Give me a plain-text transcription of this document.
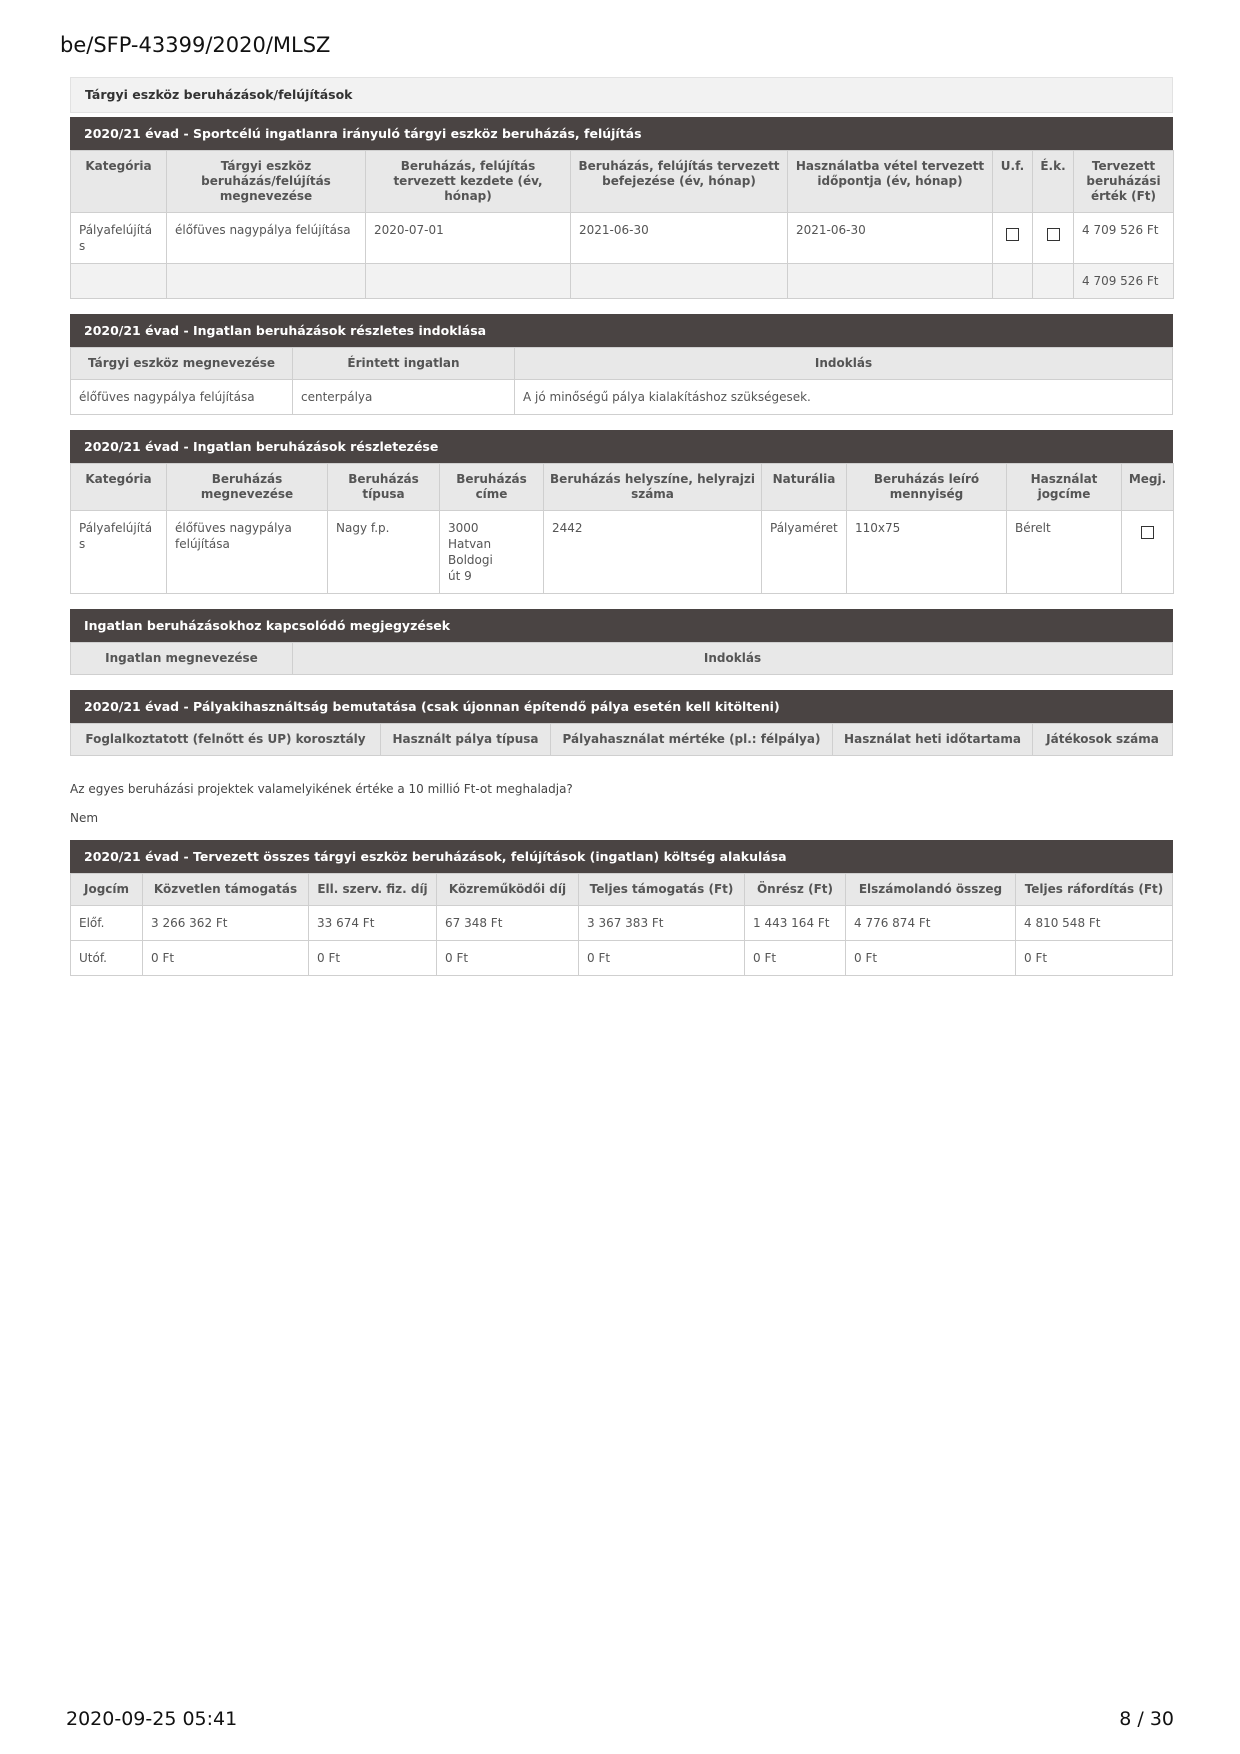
be/SFP-43399/2020/MLSZ
Tárgyi eszköz beruházások/felújítások
2020/21 évad - Sportcélú ingatlanra irányuló tárgyi eszköz beruházás, felújítás
Kategória	Tárgyi eszköz beruházás/felújítás megnevezése	Beruházás, felújítás tervezett kezdete (év, hónap)	Beruházás, felújítás tervezett befejezése (év, hónap)	Használatba vétel tervezett időpontja (év, hónap)	U.f.	É.k.	Tervezett beruházási érték (Ft)
Pályafelújítás	élőfüves nagypálya felújítása	2020-07-01	2021-06-30	2021-06-30			4 709 526 Ft
							4 709 526 Ft
2020/21 évad - Ingatlan beruházások részletes indoklása
Tárgyi eszköz megnevezése	Érintett ingatlan	Indoklás
élőfüves nagypálya felújítása	centerpálya	A jó minőségű pálya kialakításhoz szükségesek.
2020/21 évad - Ingatlan beruházások részletezése
Kategória	Beruházás megnevezése	Beruházás típusa	Beruházás címe	Beruházás helyszíne, helyrajzi száma	Naturália	Beruházás leíró mennyiség	Használat jogcíme	Megj.
Pályafelújítás	élőfüves nagypálya felújítása	Nagy f.p.	3000 Hatvan Boldogi út 9	2442	Pályaméret	110x75	Bérelt	
Ingatlan beruházásokhoz kapcsolódó megjegyzések
Ingatlan megnevezése	Indoklás
2020/21 évad - Pályakihasználtság bemutatása (csak újonnan építendő pálya esetén kell kitölteni)
Foglalkoztatott (felnőtt és UP) korosztály	Használt pálya típusa	Pályahasználat mértéke (pl.: félpálya)	Használat heti időtartama	Játékosok száma

Az egyes beruházási projektek valamelyikének értéke a 10 millió Ft-ot meghaladja?

Nem

2020/21 évad - Tervezett összes tárgyi eszköz beruházások, felújítások (ingatlan) költség alakulása
Jogcím	Közvetlen támogatás	Ell. szerv. fiz. díj	Közreműködői díj	Teljes támogatás (Ft)	Önrész (Ft)	Elszámolandó összeg	Teljes ráfordítás (Ft)
Előf.	3 266 362 Ft	33 674 Ft	67 348 Ft	3 367 383 Ft	1 443 164 Ft	4 776 874 Ft	4 810 548 Ft
Utóf.	0 Ft	0 Ft	0 Ft	0 Ft	0 Ft	0 Ft	0 Ft
2020-09-25 05:41	8 / 30
